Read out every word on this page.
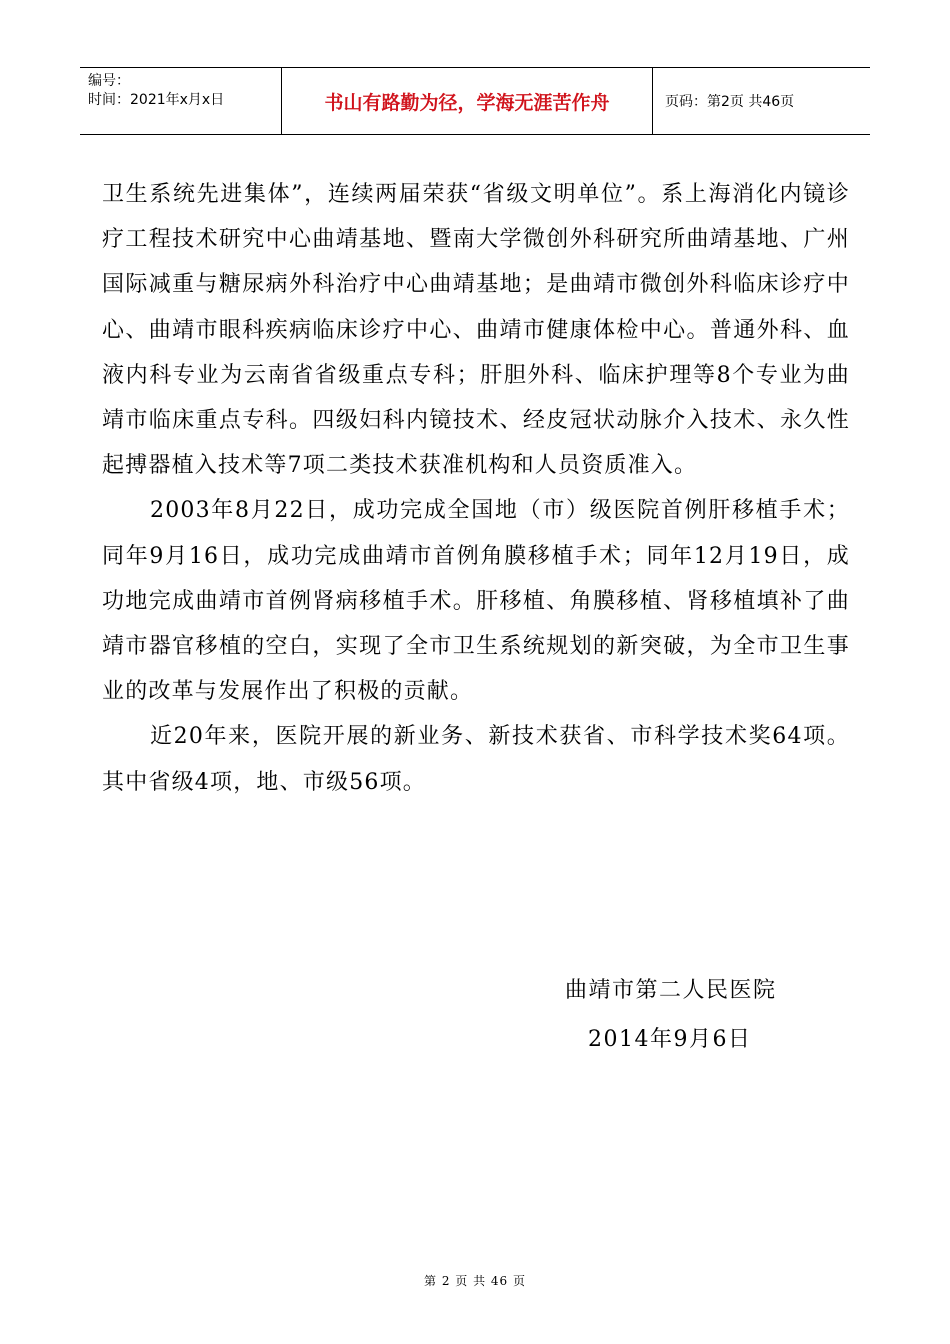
编号：
时间：2021年x月x日	书山有路勤为径，学海无涯苦作舟	页码：第2页 共46页

卫生系统先进集体”，连续两届荣获“省级文明单位”。系上海消化内镜诊疗工程技术研究中心曲靖基地、暨南大学微创外科研究所曲靖基地、广州国际减重与糖尿病外科治疗中心曲靖基地；是曲靖市微创外科临床诊疗中心、曲靖市眼科疾病临床诊疗中心、曲靖市健康体检中心。普通外科、血液内科专业为云南省省级重点专科；肝胆外科、临床护理等8个专业为曲靖市临床重点专科。四级妇科内镜技术、经皮冠状动脉介入技术、永久性起搏器植入技术等7项二类技术获准机构和人员资质准入。

2003年8月22日，成功完成全国地（市）级医院首例肝移植手术；同年9月16日，成功完成曲靖市首例角膜移植手术；同年12月19日，成功地完成曲靖市首例肾病移植手术。肝移植、角膜移植、肾移植填补了曲靖市器官移植的空白，实现了全市卫生系统规划的新突破，为全市卫生事业的改革与发展作出了积极的贡献。

近20年来，医院开展的新业务、新技术获省、市科学技术奖64项。其中省级4项，地、市级56项。

曲靖市第二人民医院
2014年9月6日
第 2 页 共 46 页
